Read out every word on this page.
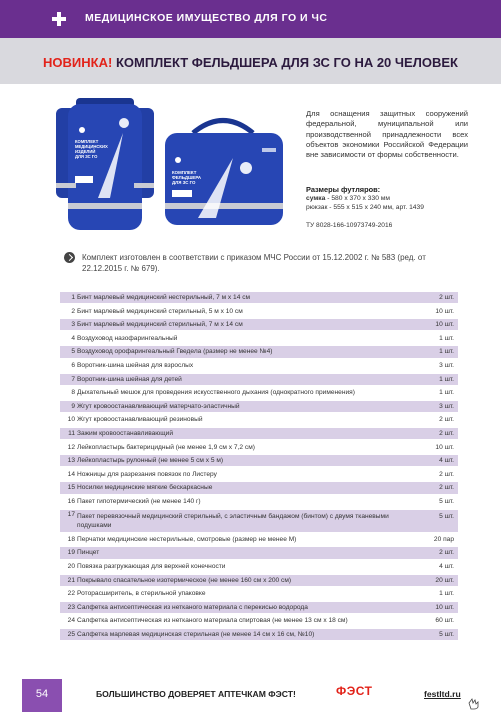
МЕДИЦИНСКОЕ ИМУЩЕСТВО ДЛЯ ГО И ЧС
НОВИНКА! КОМПЛЕКТ ФЕЛЬДШЕРА ДЛЯ ЗС ГО НА 20 ЧЕЛОВЕК
КОМПЛЕКТ
МЕДИЦИНСКИХ
ИЗДЕЛИЙ
ДЛЯ ЗС ГО
КОМПЛЕКТ
ФЕЛЬДШЕРА
ДЛЯ ЗС ГО
Для оснащения защитных сооружений федеральной, муниципальной или производственной принадлежности всех объектов экономики Российской Федерации вне зависимости от формы собственности.
Размеры футляров:
сумка - 580 x 370 x 330 мм
рюкзак - 555 x 515 x 240 мм, арт. 1439
ТУ 8028-166-10973749-2016
Комплект изготовлен в соответствии с приказом МЧС России от 15.12.2002 г. № 583 (ред. от 22.12.2015 г. № 679).
1 Бинт марлевый медицинский нестерильный, 7 м х 14 см	2 шт.
2 Бинт марлевый медицинский стерильный, 5 м х 10 см	10 шт.
3 Бинт марлевый медицинский стерильный, 7 м х 14 см	10 шт.
4 Воздуховод назофарингеальный	1 шт.
5 Воздуховод орофарингеальный Гведела (размер не менее №4)	1 шт.
6 Воротник-шина шейная для взрослых	3 шт.
7 Воротник-шина шейная для детей	1 шт.
8 Дыхательный мешок для проведения искусственного дыхания (однократного применения)	1 шт.
9 Жгут кровоостанавливающий матерчато-эластичный	3 шт.
10 Жгут кровоостанавливающий резиновый	2 шт.
11 Зажим кровоостанавливающий	2 шт.
12 Лейкопластырь бактерицидный (не менее 1,9 см х 7,2 см)	10 шт.
13 Лейкопластырь рулонный (не менее 5 см х 5 м)	4 шт.
14 Ножницы для разрезания повязок по Листеру	2 шт.
15 Носилки медицинские мягкие бескаркасные	2 шт.
16 Пакет гипотермический (не менее 140 г)	5 шт.
17 Пакет перевязочный медицинский стерильный, с эластичным бандажом (бинтом) с двумя тканевыми подушками
5 шт.
18 Перчатки медицинские нестерильные, смотровые (размер не менее М)	20 пар
19 Пинцет	2 шт.
20 Повязка разгружающая для верхней конечности	4 шт.
21 Покрывало спасательное изотермическое (не менее 160 см х 200 см)	20 шт.
22 Роторасширитель, в стерильной упаковке	1 шт.
23 Салфетка антисептическая из нетканого материала с перекисью водорода	10 шт.
24 Салфетка антисептическая из нетканого материала спиртовая (не менее 13 см х 18 см)	60 шт.
25 Салфетка марлевая медицинская стерильная (не менее 14 см х 16 см, №10)	5 шт.
54	БОЛЬШИНСТВО ДОВЕРЯЕТ АПТЕЧКАМ ФЭСТ!	ФЭСТ	festltd.ru
